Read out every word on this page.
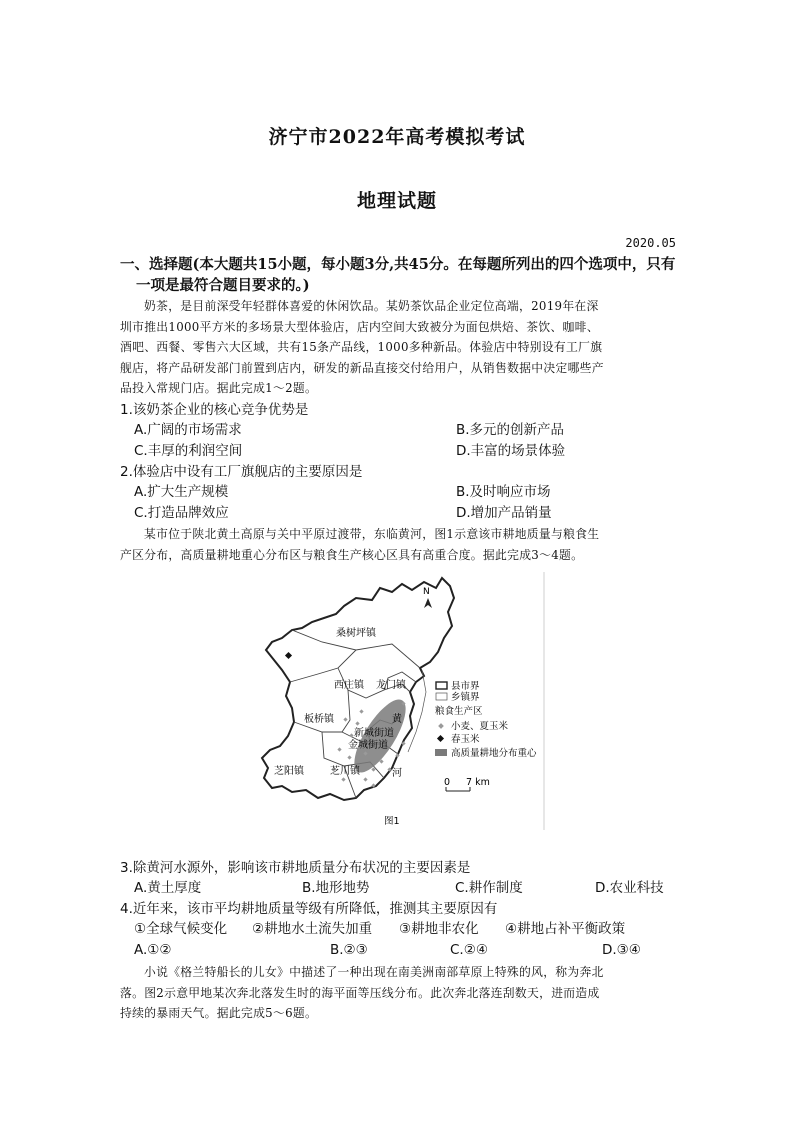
济宁市2022年高考模拟考试
地理试题
2020.05
一、选择题(本大题共15小题，每小题3分,共45分。在每题所列出的四个选项中，只有
一项是最符合题目要求的。)
奶茶，是目前深受年轻群体喜爱的休闲饮品。某奶茶饮品企业定位高端，2019年在深
圳市推出1000平方米的多场景大型体验店，店内空间大致被分为面包烘焙、茶饮、咖啡、
酒吧、西餐、零售六大区域，共有15条产品线，1000多种新品。体验店中特别设有工厂旗
舰店，将产品研发部门前置到店内，研发的新品直接交付给用户，从销售数据中决定哪些产
品投入常规门店。据此完成1～2题。
1.该奶茶企业的核心竞争优势是
A.广阔的市场需求	B.多元的创新产品
C.丰厚的利润空间	D.丰富的场景体验
2.体验店中设有工厂旗舰店的主要原因是
A.扩大生产规模	B.及时响应市场
C.打造品牌效应	D.增加产品销量
某市位于陕北黄土高原与关中平原过渡带，东临黄河，图1示意该市耕地质量与粮食生
产区分布，高质量耕地重心分布区与粮食生产核心区具有高重合度。据此完成3～4题。
N
桑树坪镇
西庄镇 龙门镇
板桥镇	黄
新城街道
金城街道
芝阳镇	芝川镇	河
县市界
乡镇界
粮食生产区
小麦、夏玉米
春玉米
高质量耕地分布重心
0 7 km
图1
3.除黄河水源外，影响该市耕地质量分布状况的主要因素是
A.黄土厚度	B.地形地势	C.耕作制度	D.农业科技
4.近年来，该市平均耕地质量等级有所降低，推测其主要原因有
①全球气候变化 ②耕地水土流失加重 ③耕地非农化 ④耕地占补平衡政策
A.①②	B.②③	C.②④	D.③④
小说《格兰特船长的儿女》中描述了一种出现在南美洲南部草原上特殊的风，称为奔北
落。图2示意甲地某次奔北落发生时的海平面等压线分布。此次奔北落连刮数天，进而造成
持续的暴雨天气。据此完成5～6题。
